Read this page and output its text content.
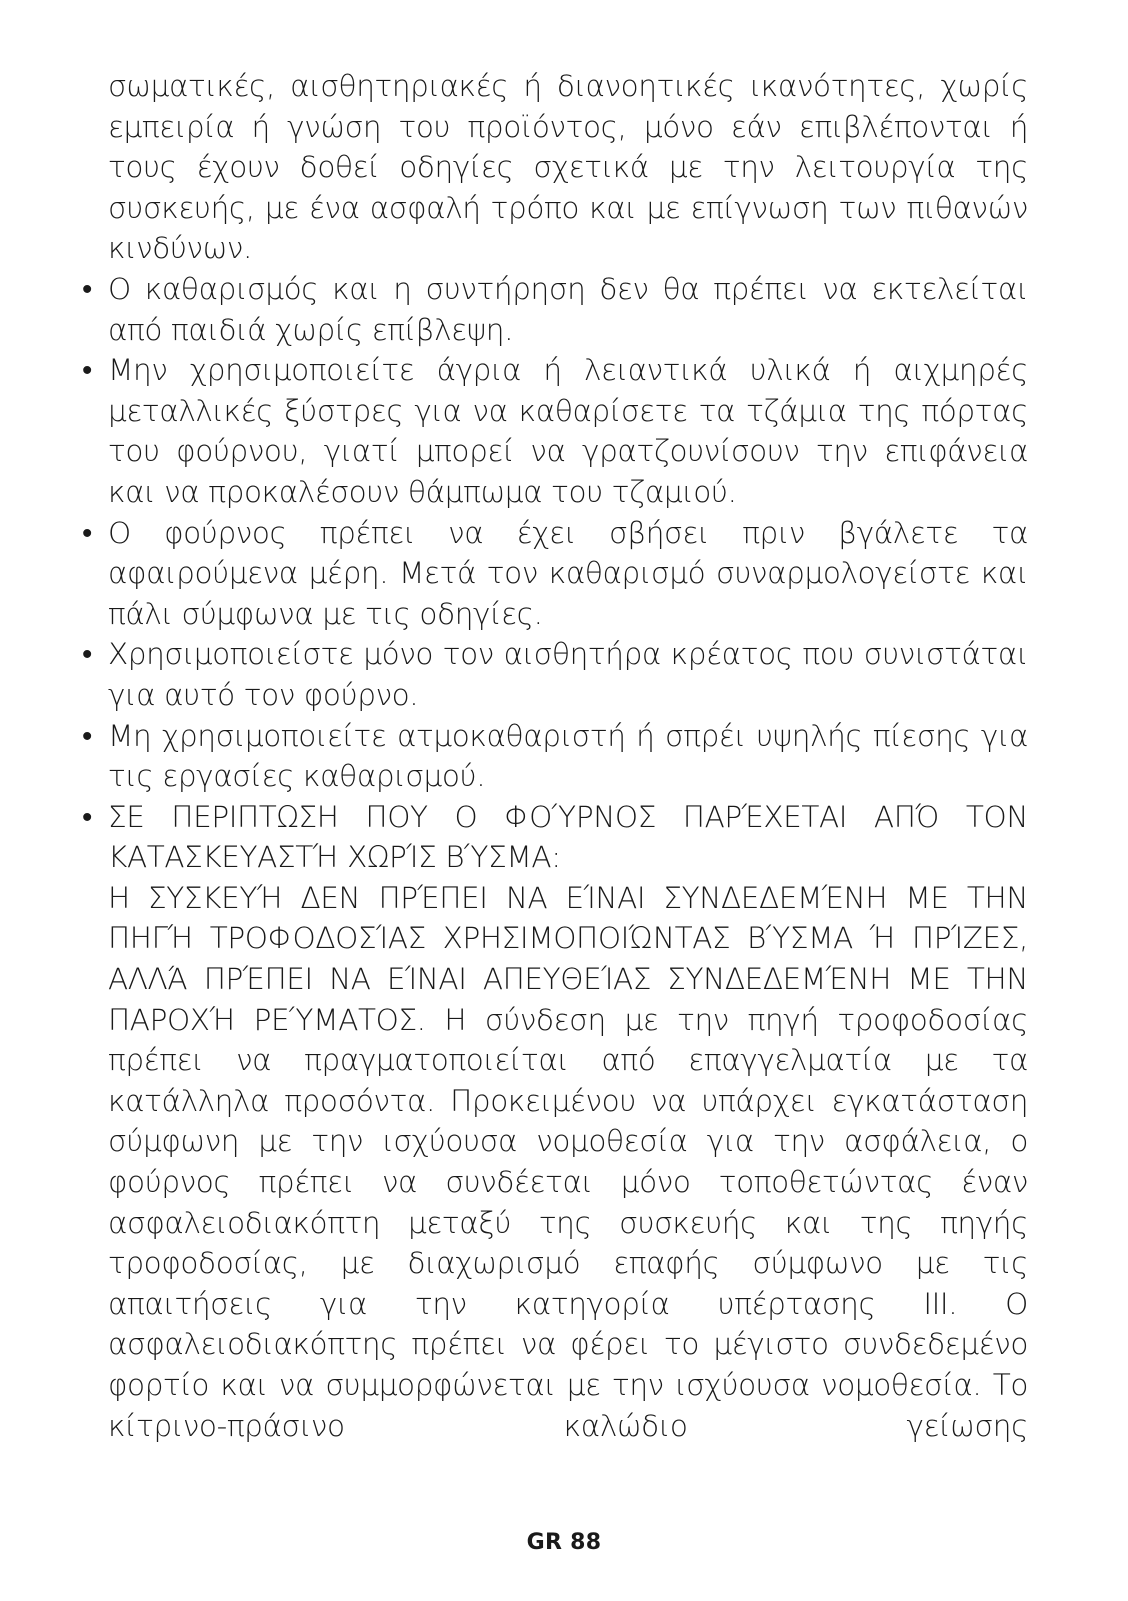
σωματικές, αισθητηριακές ή διανοητικές ικανότητες, χωρίς εμπειρία ή γνώση του προϊόντος, μόνο εάν επιβλέπονται ή τους έχουν δοθεί οδηγίες σχετικά με την λειτουργία της συσκευής, με ένα ασφαλή τρόπο και με επίγνωση των πιθανών κινδύνων.

• Ο καθαρισμός και η συντήρηση δεν θα πρέπει να εκτελείται από παιδιά χωρίς επίβλεψη.
• Μην χρησιμοποιείτε άγρια ή λειαντικά υλικά ή αιχμηρές μεταλλικές ξύστρες για να καθαρίσετε τα τζάμια της πόρτας του φούρνου, γιατί μπορεί να γρατζουνίσουν την επιφάνεια και να προκαλέσουν θάμπωμα του τζαμιού.
• Ο φούρνος πρέπει να έχει σβήσει πριν βγάλετε τα αφαιρούμενα μέρη. Μετά τον καθαρισμό συναρμολογείστε και πάλι σύμφωνα με τις οδηγίες.
• Χρησιμοποιείστε μόνο τον αισθητήρα κρέατος που συνιστάται για αυτό τον φούρνο.
• Μη χρησιμοποιείτε ατμοκαθαριστή ή σπρέι υψηλής πίεσης για τις εργασίες καθαρισμού.
• ΣΕ ΠΕΡΙΠΤΩΣΗ ΠΟΥ Ο ΦΟΎΡΝΟΣ ΠΑΡΈΧΕΤΑΙ ΑΠΌ ΤΟΝ ΚΑΤΑΣΚΕΥΑΣΤΉ ΧΩΡΊΣ ΒΎΣΜΑ:
Η ΣΥΣΚΕΥΉ ΔΕΝ ΠΡΈΠΕΙ ΝΑ ΕΊΝΑΙ ΣΥΝΔΕΔΕΜΈΝΗ ΜΕ ΤΗΝ ΠΗΓΉ ΤΡΟΦΟΔΟΣΊΑΣ ΧΡΗΣΙΜΟΠΟΙΏΝΤΑΣ ΒΎΣΜΑ Ή ΠΡΊΖΕΣ, ΑΛΛΆ ΠΡΈΠΕΙ ΝΑ ΕΊΝΑΙ ΑΠΕΥΘΕΊΑΣ ΣΥΝΔΕΔΕΜΈΝΗ ΜΕ ΤΗΝ ΠΑΡΟΧΉ ΡΕΎΜΑΤΟΣ. Η σύνδεση με την πηγή τροφοδοσίας πρέπει να πραγματοποιείται από επαγγελματία με τα κατάλληλα προσόντα. Προκειμένου να υπάρχει εγκατάσταση σύμφωνη με την ισχύουσα νομοθεσία για την ασφάλεια, ο φούρνος πρέπει να συνδέεται μόνο τοποθετώντας έναν ασφαλειοδιακόπτη μεταξύ της συσκευής και της πηγής τροφοδοσίας, με διαχωρισμό επαφής σύμφωνο με τις απαιτήσεις για την κατηγορία υπέρτασης III. Ο ασφαλειοδιακόπτης πρέπει να φέρει το μέγιστο συνδεδεμένο φορτίο και να συμμορφώνεται με την ισχύουσα νομοθεσία. Το κίτρινο-πράσινο καλώδιο γείωσης
GR 88
